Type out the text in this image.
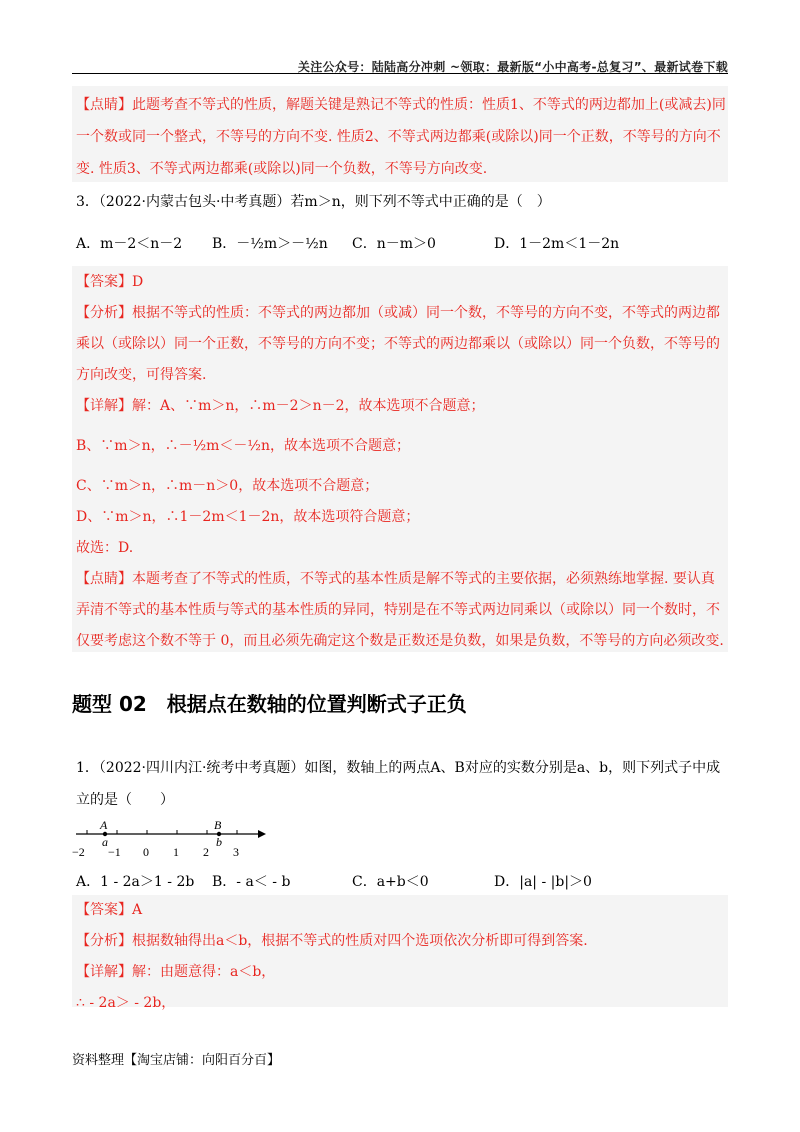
关注公众号：陆陆高分冲刺 ~领取：最新版“小中高考-总复习”、最新试卷下载
【点睛】此题考查不等式的性质，解题关键是熟记不等式的性质：性质1、不等式的两边都加上(或减去)同
一个数或同一个整式，不等号的方向不变. 性质2、不等式两边都乘(或除以)同一个正数，不等号的方向不
变. 性质3、不等式两边都乘(或除以)同一个负数，不等号方向改变.
3．（2022·内蒙古包头·中考真题）若m＞n，则下列不等式中正确的是（　）
A．m－2＜n－2 B．－½m＞－½n C．n－m＞0	D．1－2m＜1－2n
【答案】D
【分析】根据不等式的性质：不等式的两边都加（或减）同一个数，不等号的方向不变，不等式的两边都
乘以（或除以）同一个正数，不等号的方向不变；不等式的两边都乘以（或除以）同一个负数，不等号的
方向改变，可得答案.
【详解】解：A、∵m＞n，∴m－2＞n－2，故本选项不合题意；
B、∵m＞n，∴－½m＜－½n，故本选项不合题意；
C、∵m＞n，∴m－n＞0，故本选项不合题意；
D、∵m＞n，∴1－2m＜1－2n，故本选项符合题意；
故选：D.
【点睛】本题考查了不等式的性质，不等式的基本性质是解不等式的主要依据，必须熟练地掌握. 要认真
弄清不等式的基本性质与等式的基本性质的异同，特别是在不等式两边同乘以（或除以）同一个数时，不
仅要考虑这个数不等于 0，而且必须先确定这个数是正数还是负数，如果是负数，不等号的方向必须改变.
题型 02　根据点在数轴的位置判断式子正负
1．（2022·四川内江·统考中考真题）如图，数轴上的两点A、B对应的实数分别是a、b，则下列式子中成
立的是（　　）
A	B
a	b
−2 −1 0 1 2 3
A．1 - 2a＞1 - 2b B．- a＜ - b	C．a+b＜0	D．|a| - |b|＞0
【答案】A
【分析】根据数轴得出a＜b，根据不等式的性质对四个选项依次分析即可得到答案.
【详解】解：由题意得：a＜b，
∴ - 2a＞ - 2b，
资料整理【淘宝店铺：向阳百分百】
